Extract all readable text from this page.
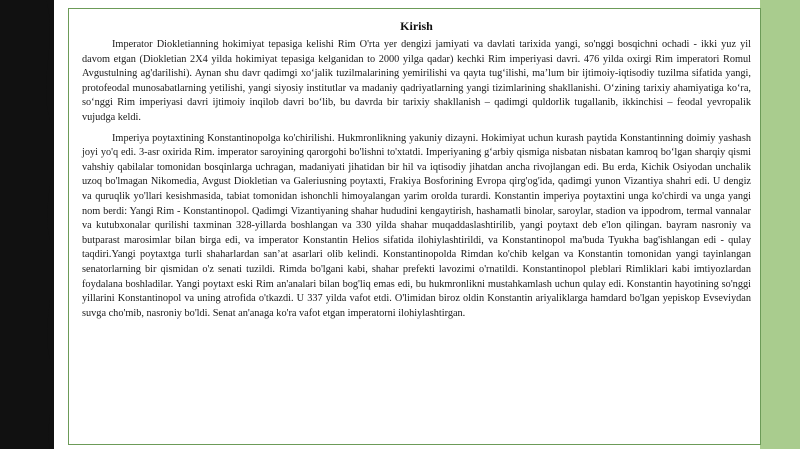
Kirish

Imperator Diokletianning hokimiyat tepasiga kelishi Rim O'rta yer dengizi jamiyati va davlati tarixida yangi, so'nggi bosqichni ochadi - ikki yuz yil davom etgan (Diokletian 2X4 yilda hokimiyat tepasiga kelganidan to 2000 yilga qadar) kechki Rim imperiyasi davri. 476 yilda oxirgi Rim imperatori Romul Avgustulning ag'darilishi). Aynan shu davr qadimgi xo‘jalik tuzilmalarining yemirilishi va qayta tug‘ilishi, ma’lum bir ijtimoiy-iqtisodiy tuzilma sifatida yangi, protofeodal munosabatlarning yetilishi, yangi siyosiy institutlar va madaniy qadriyatlarning yangi tizimlarining shakllanishi. O‘zining tarixiy ahamiyatiga ko‘ra, so‘nggi Rim imperiyasi davri ijtimoiy inqilob davri bo‘lib, bu davrda bir tarixiy shakllanish – qadimgi quldorlik tugallanib, ikkinchisi – feodal yevropalik vujudga keldi.

Imperiya poytaxtining Konstantinopolga ko'chirilishi. Hukmronlikning yakuniy dizayni. Hokimiyat uchun kurash paytida Konstantinning doimiy yashash joyi yo'q edi. 3-asr oxirida Rim. imperator saroyining qarorgohi bo'lishni to'xtatdi. Imperiyaning g‘arbiy qismiga nisbatan nisbatan kamroq bo‘lgan sharqiy qismi vahshiy qabilalar tomonidan bosqinlarga uchragan, madaniyati jihatidan bir hil va iqtisodiy jihatdan ancha rivojlangan edi. Bu erda, Kichik Osiyodan unchalik uzoq bo'lmagan Nikomedia, Avgust Diokletian va Galeriusning poytaxti, Frakiya Bosforining Evropa qirg'og'ida, qadimgi yunon Vizantiya shahri edi. U dengiz va quruqlik yo'llari kesishmasida, tabiat tomonidan ishonchli himoyalangan yarim orolda turardi. Konstantin imperiya poytaxtini unga ko'chirdi va unga yangi nom berdi: Yangi Rim - Konstantinopol. Qadimgi Vizantiyaning shahar hududini kengaytirish, hashamatli binolar, saroylar, stadion va ippodrom, termal vannalar va kutubxonalar qurilishi taxminan 328-yillarda boshlangan va 330 yilda shahar muqaddaslashtirilib, yangi poytaxt deb e'lon qilingan. bayram nasroniy va butparast marosimlar bilan birga edi, va imperator Konstantin Helios sifatida ilohiylashtirildi, va Konstantinopol ma'buda Tyukha bag'ishlangan edi - qulay taqdiri.Yangi poytaxtga turli shaharlardan san’at asarlari olib kelindi. Konstantinopolda Rimdan ko'chib kelgan va Konstantin tomonidan yangi tayinlangan senatorlarning bir qismidan o'z senati tuzildi. Rimda bo'lgani kabi, shahar prefekti lavozimi o'rnatildi. Konstantinopol pleblari Rimliklari kabi imtiyozlardan foydalana boshladilar. Yangi poytaxt eski Rim an'analari bilan bog'liq emas edi, bu hukmronlikni mustahkamlash uchun qulay edi. Konstantin hayotining so'nggi yillarini Konstantinopol va uning atrofida o'tkazdi. U 337 yilda vafot etdi. O'limidan biroz oldin Konstantin ariyaliklarga hamdard bo'lgan yepiskop Evseviydan suvga cho'mib, nasroniy bo'ldi. Senat an'anaga ko'ra vafot etgan imperatorni ilohiylashtirgan.
